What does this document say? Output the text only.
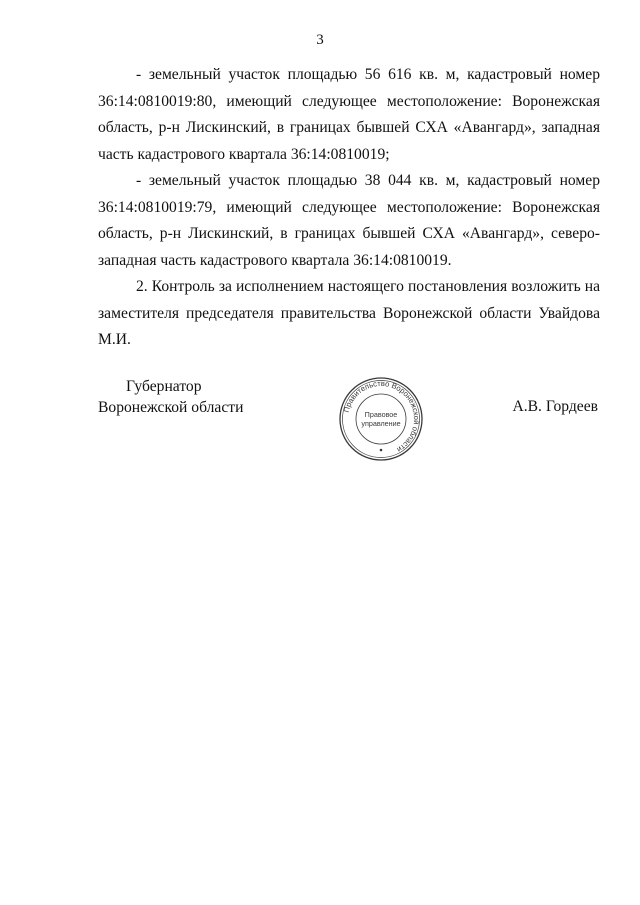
3

- земельный участок площадью 56 616 кв. м, кадастровый номер 36:14:0810019:80, имеющий следующее местоположение: Воронежская область, р-н Лискинский, в границах бывшей СХА «Авангард», западная часть кадастрового квартала 36:14:0810019;

- земельный участок площадью 38 044 кв. м, кадастровый номер 36:14:0810019:79, имеющий следующее местоположение: Воронежская область, р-н Лискинский, в границах бывшей СХА «Авангард», северо-западная часть кадастрового квартала 36:14:0810019.

2. Контроль за исполнением настоящего постановления возложить на заместителя председателя правительства Воронежской области Увайдова М.И.

Губернатор
Воронежской области	Правительство Воронежской области
Правовое
управление
А.В. Гордеев
